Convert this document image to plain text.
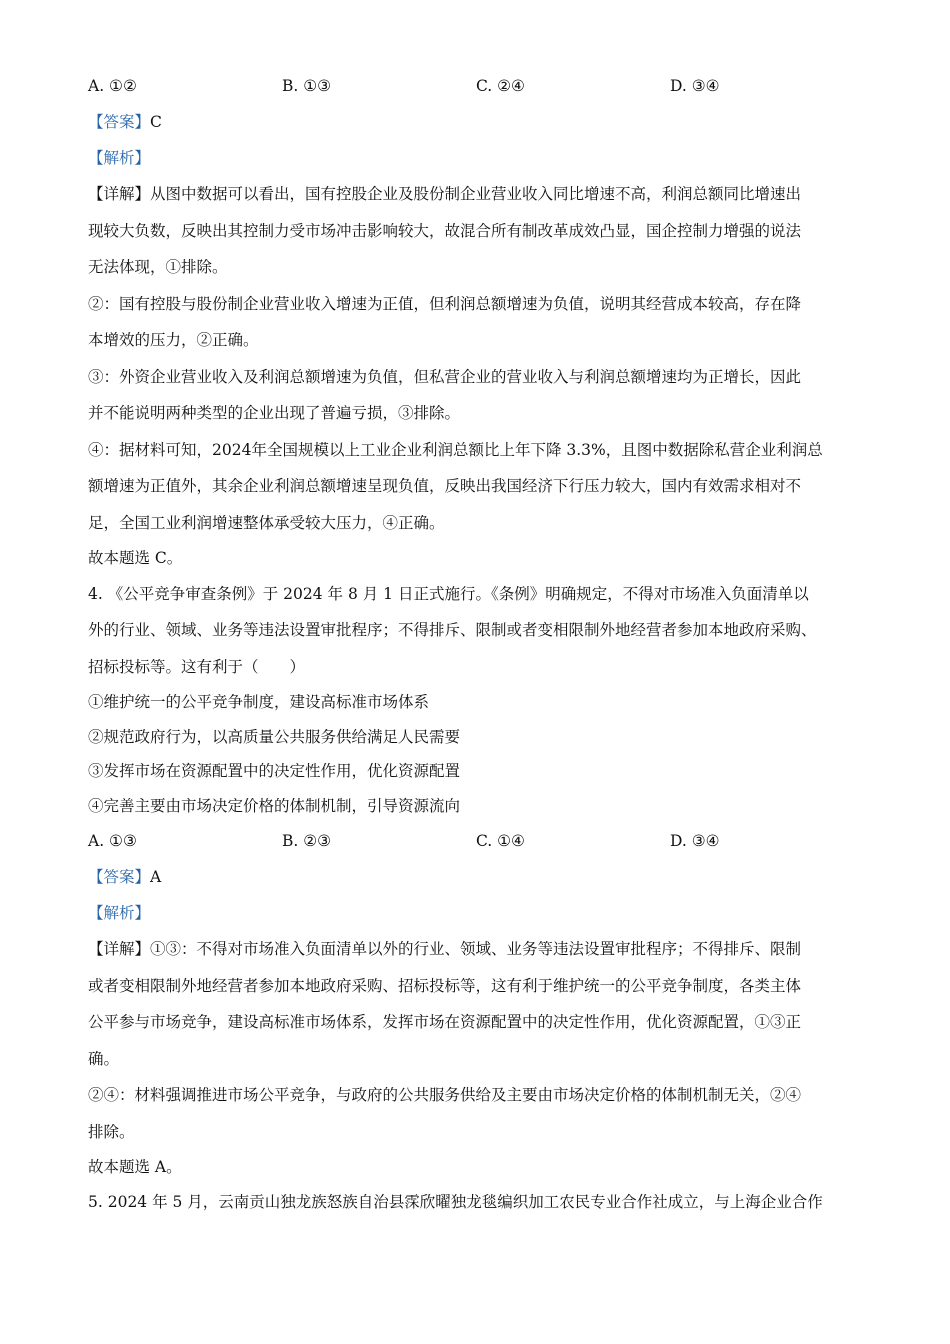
A. ①②	B. ①③	C. ②④	D. ③④
【答案】 C
【解析】
【详解】从图中数据可以看出，国有控股企业及股份制企业营业收入同比增速不高，利润总额同比增速出
现较大负数，反映出其控制力受市场冲击影响较大，故混合所有制改革成效凸显，国企控制力增强的说法
无法体现，①排除。
②：国有控股与股份制企业营业收入增速为正值，但利润总额增速为负值，说明其经营成本较高，存在降
本增效的压力，②正确。
③：外资企业营业收入及利润总额增速为负值，但私营企业的营业收入与利润总额增速均为正增长，因此
并不能说明两种类型的企业出现了普遍亏损，③排除。
④：据材料可知，2024年全国规模以上工业企业利润总额比上年下降 3.3%，且图中数据除私营企业利润总
额增速为正值外，其余企业利润总额增速呈现负值，反映出我国经济下行压力较大，国内有效需求相对不
足，全国工业利润增速整体承受较大压力，④正确。
故本题选 C。
4. 《公平竞争审查条例》于 2024 年 8 月 1 日正式施行。《条例》明确规定，不得对市场准入负面清单以
外的行业、领域、业务等违法设置审批程序；不得排斥、限制或者变相限制外地经营者参加本地政府采购、
招标投标等。这有利于（　　）
①维护统一的公平竞争制度，建设高标准市场体系
②规范政府行为，以高质量公共服务供给满足人民需要
③发挥市场在资源配置中的决定性作用，优化资源配置
④完善主要由市场决定价格的体制机制，引导资源流向
A. ①③	B. ②③	C. ①④	D. ③④
【答案】 A
【解析】
【详解】①③：不得对市场准入负面清单以外的行业、领域、业务等违法设置审批程序；不得排斥、限制
或者变相限制外地经营者参加本地政府采购、招标投标等，这有利于维护统一的公平竞争制度，各类主体
公平参与市场竞争，建设高标准市场体系，发挥市场在资源配置中的决定性作用，优化资源配置，①③正
确。
②④：材料强调推进市场公平竞争，与政府的公共服务供给及主要由市场决定价格的体制机制无关，②④
排除。
故本题选 A。
5. 2024 年 5 月，云南贡山独龙族怒族自治县霂欣曜独龙毯编织加工农民专业合作社成立，与上海企业合作
